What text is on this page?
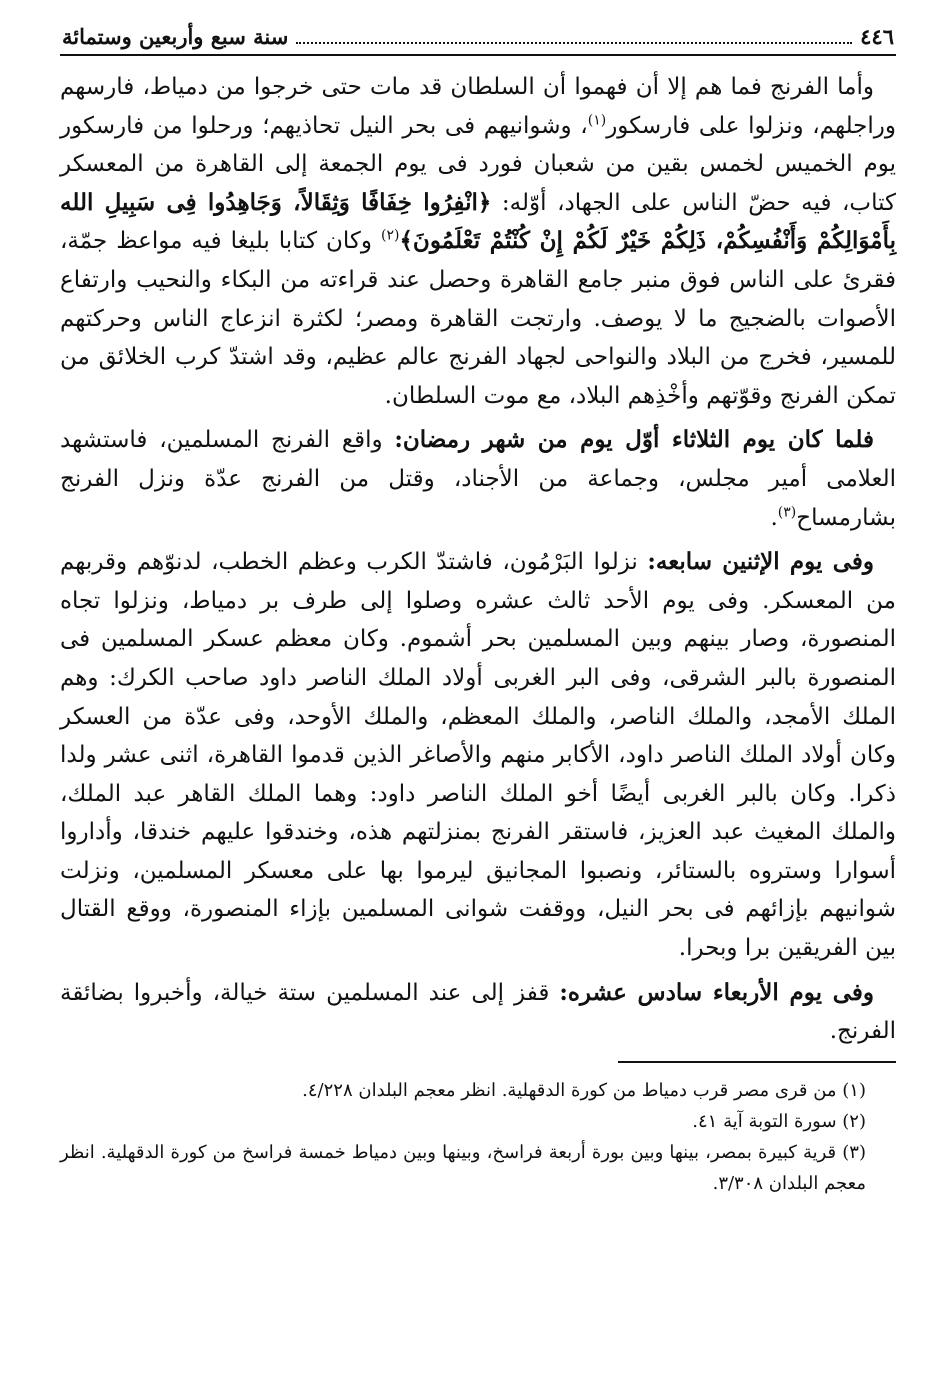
٤٤٦
سنة سبع وأربعين وستمائة

وأما الفرنج فما هم إلا أن فهموا أن السلطان قد مات حتى خرجوا من دمياط، فارسهم وراجلهم، ونزلوا على فارسكور$^{(١)}$، وشوانيهم فى بحر النيل تحاذيهم؛ ورحلوا من فارسكور يوم الخميس لخمس بقين من شعبان فورد فى يوم الجمعة إلى القاهرة من المعسكر كتاب، فيه حضّ الناس على الجهاد، أوّله: ﴿انْفِرُوا خِفَافًا وَثِقَالاً، وَجَاهِدُوا فِى سَبِيلِ الله بِأَمْوَالِكُمْ وَأَنْفُسِكُمْ، ذَلِكُمْ خَيْرٌ لَكُمْ إِنْ كُنْتُمْ تَعْلَمُونَ﴾$^{(٢)}$ وكان كتابا بليغا فيه مواعظ جمّة، فقرئ على الناس فوق منبر جامع القاهرة وحصل عند قراءته من البكاء والنحيب وارتفاع الأصوات بالضجيج ما لا يوصف. وارتجت القاهرة ومصر؛ لكثرة انزعاج الناس وحركتهم للمسير، فخرج من البلاد والنواحى لجهاد الفرنج عالم عظيم، وقد اشتدّ كرب الخلائق من تمكن الفرنج وقوّتهم وأخْذِهم البلاد، مع موت السلطان.

فلما كان يوم الثلاثاء أوّل يوم من شهر رمضان: واقع الفرنج المسلمين، فاستشهد العلامى أمير مجلس، وجماعة من الأجناد، وقتل من الفرنج عدّة ونزل الفرنج بشارمساح$^{(٣)}$.

وفى يوم الإثنين سابعه: نزلوا البَرْمُون، فاشتدّ الكرب وعظم الخطب، لدنوّهم وقربهم من المعسكر. وفى يوم الأحد ثالث عشره وصلوا إلى طرف بر دمياط، ونزلوا تجاه المنصورة، وصار بينهم وبين المسلمين بحر أشموم. وكان معظم عسكر المسلمين فى المنصورة بالبر الشرقى، وفى البر الغربى أولاد الملك الناصر داود صاحب الكرك: وهم الملك الأمجد، والملك الناصر، والملك المعظم، والملك الأوحد، وفى عدّة من العسكر وكان أولاد الملك الناصر داود، الأكابر منهم والأصاغر الذين قدموا القاهرة، اثنى عشر ولدا ذكرا. وكان بالبر الغربى أيضًا أخو الملك الناصر داود: وهما الملك القاهر عبد الملك، والملك المغيث عبد العزيز، فاستقر الفرنج بمنزلتهم هذه، وخندقوا عليهم خندقا، وأداروا أسوارا وستروه بالستائر، ونصبوا المجانيق ليرموا بها على معسكر المسلمين، ونزلت شوانيهم بإزائهم فى بحر النيل، ووقفت شوانى المسلمين بإزاء المنصورة، ووقع القتال بين الفريقين برا وبحرا.

وفى يوم الأربعاء سادس عشره: قفز إلى عند المسلمين ستة خيالة، وأخبروا بضائقة الفرنج.

(١) من قرى مصر قرب دمياط من كورة الدقهلية. انظر معجم البلدان ٤/٢٢٨.

(٢) سورة التوبة آية ٤١.

(٣) قرية كبيرة بمصر، بينها وبين بورة أربعة فراسخ، وبينها وبين دمياط خمسة فراسخ من كورة الدقهلية. انظر معجم البلدان ٣/٣٠٨.
